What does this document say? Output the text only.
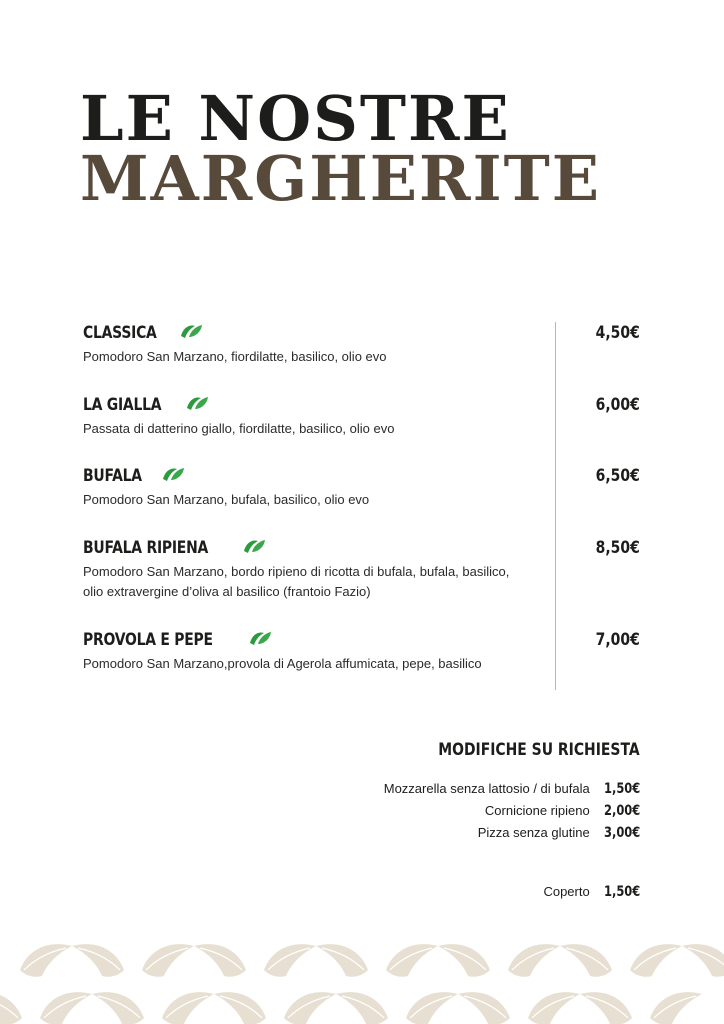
LE NOSTRE
MARGHERITE
CLASSICA
Pomodoro San Marzano, fiordilatte, basilico, olio evo
4,50€
LA GIALLA
Passata di datterino giallo, fiordilatte, basilico, olio evo
6,00€
BUFALA
Pomodoro San Marzano, bufala, basilico, olio evo
6,50€
BUFALA RIPIENA
Pomodoro San Marzano, bordo ripieno di ricotta di bufala, bufala, basilico,
olio extravergine d’oliva al basilico (frantoio Fazio)
8,50€
PROVOLA E PEPE
Pomodoro San Marzano,provola di Agerola affumicata, pepe, basilico
7,00€
MODIFICHE SU RICHIESTA
Mozzarella senza lattosio / di bufala 1,50€
Cornicione ripieno 2,00€
Pizza senza glutine 3,00€
Coperto 1,50€
